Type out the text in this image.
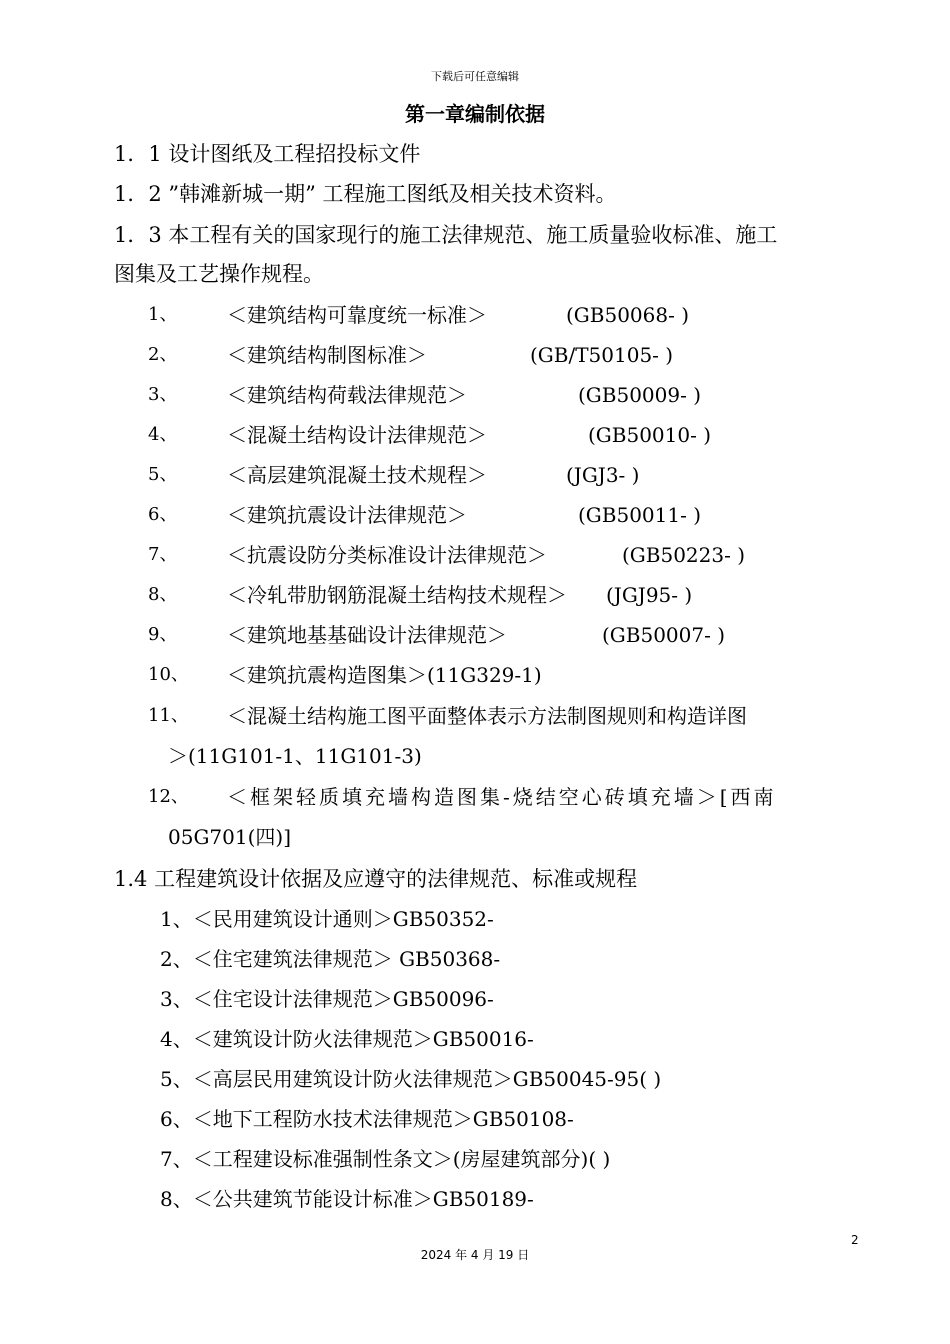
下载后可任意编辑
第一章编制依据
1．1 设计图纸及工程招投标文件
1．2 ”韩滩新城一期” 工程施工图纸及相关技术资料。
1．3 本工程有关的国家现行的施工法律规范、施工质量验收标准、施工
图集及工艺操作规程。
1、 ＜建筑结构可靠度统一标准＞	(GB50068- )
2、 ＜建筑结构制图标准＞	(GB/T50105- )
3、 ＜建筑结构荷载法律规范＞	(GB50009- )
4、 ＜混凝土结构设计法律规范＞	(GB50010- )
5、 ＜高层建筑混凝土技术规程＞	(JGJ3- )
6、 ＜建筑抗震设计法律规范＞	(GB50011- )
7、 ＜抗震设防分类标准设计法律规范＞	(GB50223- )
8、 ＜冷轧带肋钢筋混凝土结构技术规程＞ (JGJ95- )
9、 ＜建筑地基基础设计法律规范＞	(GB50007- )
10、 ＜建筑抗震构造图集＞(11G329-1)
11、 ＜混凝土结构施工图平面整体表示方法制图规则和构造详图
＞(11G101-1、11G101-3)
12、 ＜框架轻质填充墙构造图集-烧结空心砖填充墙＞[西南
05G701(四)]
1.4 工程建筑设计依据及应遵守的法律规范、标准或规程
1、＜民用建筑设计通则＞GB50352-
2、＜住宅建筑法律规范＞ GB50368-
3、＜住宅设计法律规范＞GB50096-
4、＜建筑设计防火法律规范＞GB50016-
5、＜高层民用建筑设计防火法律规范＞GB50045-95( )
6、＜地下工程防水技术法律规范＞GB50108-
7、＜工程建设标准强制性条文＞(房屋建筑部分)( )
8、＜公共建筑节能设计标准＞GB50189-
2
2024 年 4 月 19 日
